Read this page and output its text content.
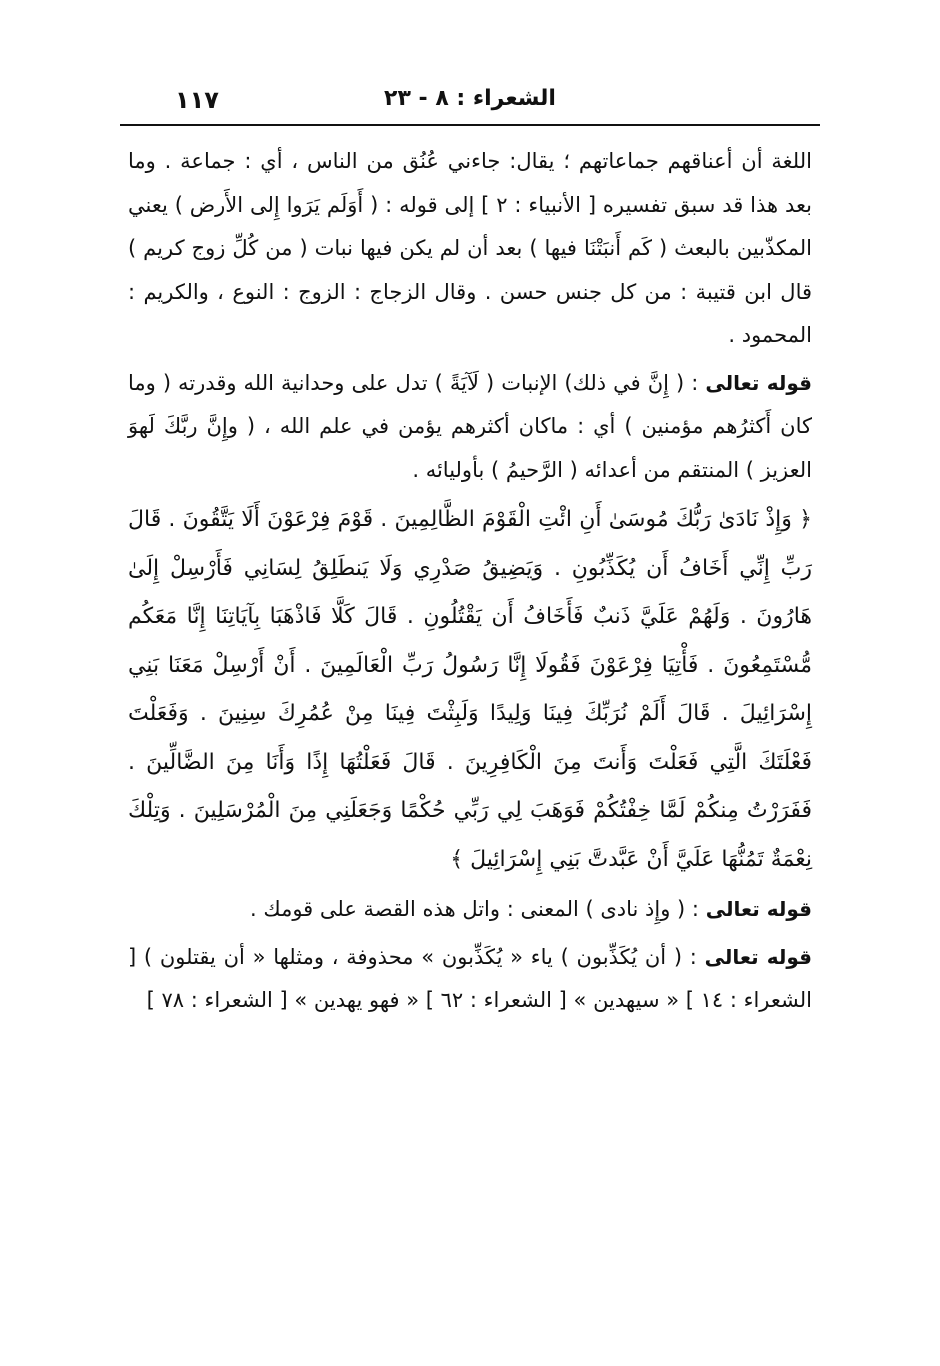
الشعراء : ٨ - ٢٣
١١٧

اللغة أن أعناقهم جماعاتهم ؛ يقال: جاءني عُنُق من الناس ، أي : جماعة . وما بعد هذا قد سبق تفسيره [ الأنبياء : ٢ ] إلى قوله : ( أَوَلَم يَرَوا إِلى الأَرض ) يعني المكذّبين بالبعث ( كَم أَنبَتْنَا فيها ) بعد أن لم يكن فيها نبات ( من كُلِّ زوج كريم ) قال ابن قتيبة : من كل جنس حسن . وقال الزجاج : الزوج : النوع ، والكريم : المحمود .

قوله تعالى : ( إِنَّ في ذلك) الإنبات ( لَآيَةً ) تدل على وحدانية الله وقدرته ( وما كان أَكثرُهم مؤمنين ) أي : ماكان أكثرهم يؤمن في علم الله ، ( وإِنَّ ربَّكَ لَهوَ العزيز ) المنتقم من أعدائه ( الرَّحيمُ ) بأوليائه .

﴿ وَإِذْ نَادَىٰ رَبُّكَ مُوسَىٰ أَنِ ائْتِ الْقَوْمَ الظَّالِمِينَ . قَوْمَ فِرْعَوْنَ أَلَا يَتَّقُونَ . قَالَ رَبِّ إِنِّي أَخَافُ أَن يُكَذِّبُونِ . وَيَضِيقُ صَدْرِي وَلَا يَنطَلِقُ لِسَانِي فَأَرْسِلْ إِلَىٰ هَارُونَ . وَلَهُمْ عَلَيَّ ذَنبٌ فَأَخَافُ أَن يَقْتُلُونِ . قَالَ كَلَّا فَاذْهَبَا بِآيَاتِنَا إِنَّا مَعَكُم مُّسْتَمِعُونَ . فَأْتِيَا فِرْعَوْنَ فَقُولَا إِنَّا رَسُولُ رَبِّ الْعَالَمِينَ . أَنْ أَرْسِلْ مَعَنَا بَنِي إِسْرَائِيلَ . قَالَ أَلَمْ نُرَبِّكَ فِينَا وَلِيدًا وَلَبِثْتَ فِينَا مِنْ عُمُرِكَ سِنِينَ . وَفَعَلْتَ فَعْلَتَكَ الَّتِي فَعَلْتَ وَأَنتَ مِنَ الْكَافِرِينَ . قَالَ فَعَلْتُهَا إِذًا وَأَنَا مِنَ الضَّالِّينَ . فَفَرَرْتُ مِنكُمْ لَمَّا خِفْتُكُمْ فَوَهَبَ لِي رَبِّي حُكْمًا وَجَعَلَنِي مِنَ الْمُرْسَلِينَ . وَتِلْكَ نِعْمَةٌ تَمُنُّهَا عَلَيَّ أَنْ عَبَّدتَّ بَنِي إِسْرَائِيلَ ﴾

قوله تعالى : ( وإِذ نادى ) المعنى : واتل هذه القصة على قومك .

قوله تعالى : ( أن يُكَذِّبون ) ياء « يُكَذِّبون » محذوفة ، ومثلها « أن يقتلون ) [ الشعراء : ١٤ ] « سيهدين » [ الشعراء : ٦٢ ] « فهو يهدين » [ الشعراء : ٧٨ ]
